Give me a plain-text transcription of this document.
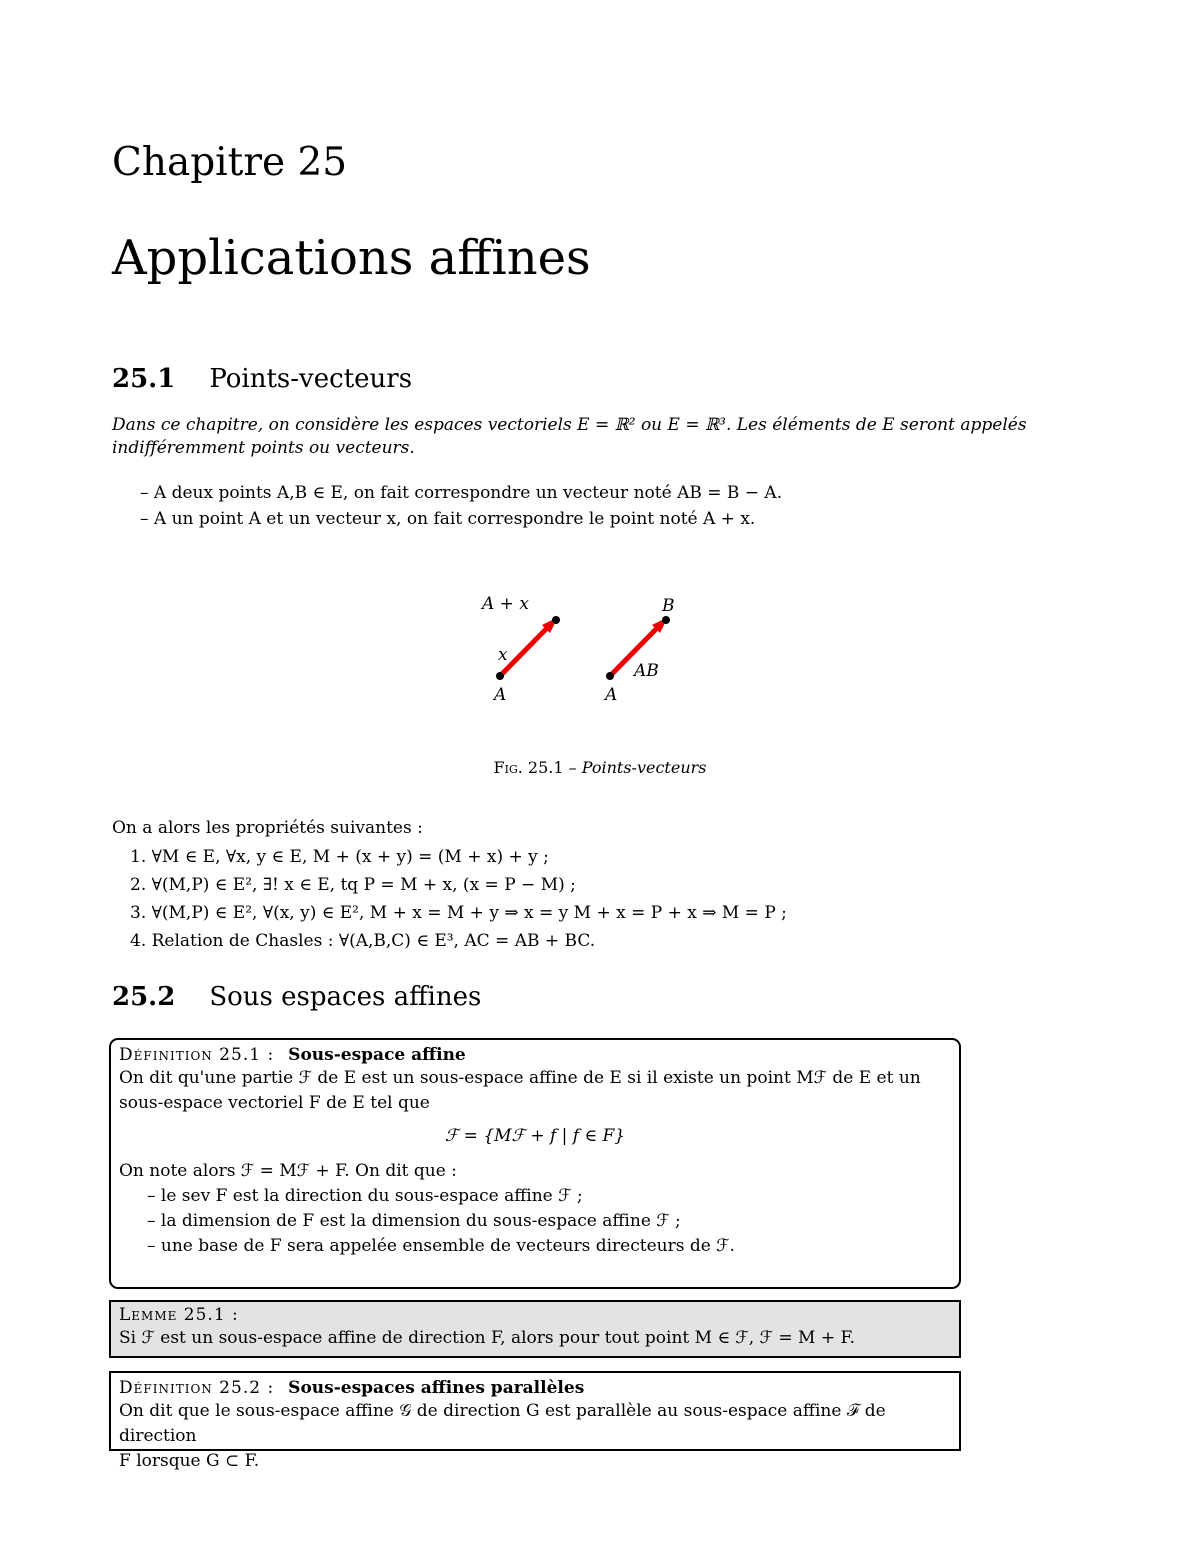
Chapitre 25
Applications affines
25.1 Points-vecteurs
Dans ce chapitre, on considère les espaces vectoriels E = ℝ² ou E = ℝ³. Les éléments de E seront appelés
indifféremment points ou vecteurs.
– A deux points A,B ∈ E, on fait correspondre un vecteur noté AB = B − A.
– A un point A et un vecteur x, on fait correspondre le point noté A + x.
A + x
x
A
B
AB
A
Fig. 25.1 – Points-vecteurs
On a alors les propriétés suivantes :
1. ∀M ∈ E, ∀x, y ∈ E, M + (x + y) = (M + x) + y ;
2. ∀(M,P) ∈ E², ∃! x ∈ E, tq P = M + x, (x = P − M) ;
3. ∀(M,P) ∈ E², ∀(x, y) ∈ E², M + x = M + y ⇒ x = y M + x = P + x ⇒ M = P ;
4. Relation de Chasles : ∀(A,B,C) ∈ E³, AC = AB + BC.
25.2 Sous espaces affines
Définition 25.1 : Sous-espace affine
On dit qu'une partie ℱ de E est un sous-espace affine de E si il existe un point Mℱ de E et un
sous-espace vectoriel F de E tel que
ℱ = {Mℱ + f | f ∈ F}
On note alors ℱ = Mℱ + F. On dit que :
– le sev F est la direction du sous-espace affine ℱ ;
– la dimension de F est la dimension du sous-espace affine ℱ ;
– une base de F sera appelée ensemble de vecteurs directeurs de ℱ.
Lemme 25.1 :
Si ℱ est un sous-espace affine de direction F, alors pour tout point M ∈ ℱ, ℱ = M + F.
Définition 25.2 : Sous-espaces affines parallèles
On dit que le sous-espace affine 𝒢 de direction G est parallèle au sous-espace affine ℱ de direction
F lorsque G ⊂ F.
